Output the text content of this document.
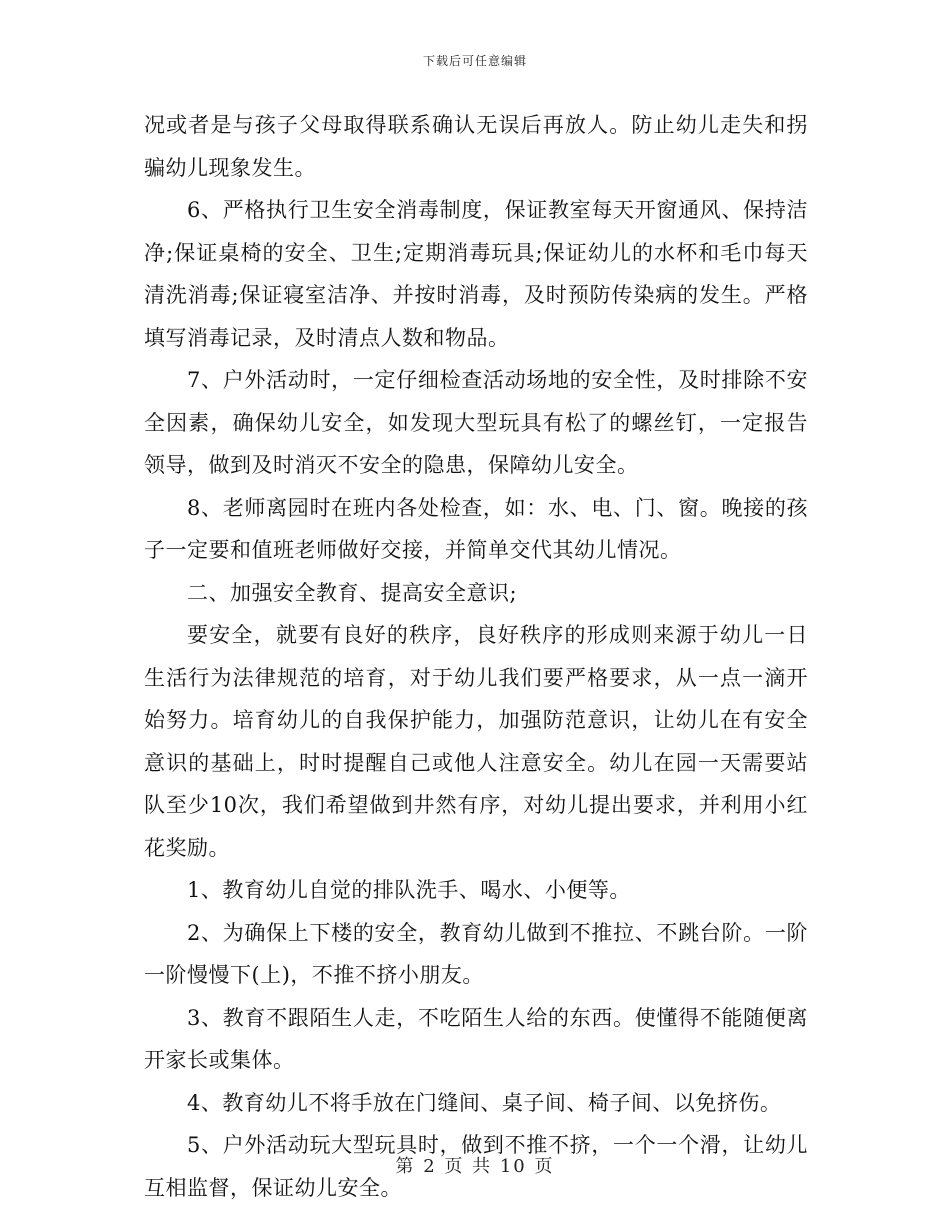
下载后可任意编辑

况或者是与孩子父母取得联系确认无误后再放人。防止幼儿走失和拐骗幼儿现象发生。

6、严格执行卫生安全消毒制度，保证教室每天开窗通风、保持洁净;保证桌椅的安全、卫生;定期消毒玩具;保证幼儿的水杯和毛巾每天清洗消毒;保证寝室洁净、并按时消毒，及时预防传染病的发生。严格填写消毒记录，及时清点人数和物品。

7、户外活动时，一定仔细检查活动场地的安全性，及时排除不安全因素，确保幼儿安全，如发现大型玩具有松了的螺丝钉，一定报告领导，做到及时消灭不安全的隐患，保障幼儿安全。

8、老师离园时在班内各处检查，如：水、电、门、窗。晚接的孩子一定要和值班老师做好交接，并简单交代其幼儿情况。

二、加强安全教育、提高安全意识;

要安全，就要有良好的秩序，良好秩序的形成则来源于幼儿一日生活行为法律规范的培育，对于幼儿我们要严格要求，从一点一滴开始努力。培育幼儿的自我保护能力，加强防范意识，让幼儿在有安全意识的基础上，时时提醒自己或他人注意安全。幼儿在园一天需要站队至少10次，我们希望做到井然有序，对幼儿提出要求，并利用小红花奖励。

1、教育幼儿自觉的排队洗手、喝水、小便等。

2、为确保上下楼的安全，教育幼儿做到不推拉、不跳台阶。一阶一阶慢慢下(上)，不推不挤小朋友。

3、教育不跟陌生人走，不吃陌生人给的东西。使懂得不能随便离开家长或集体。

4、教育幼儿不将手放在门缝间、桌子间、椅子间、以免挤伤。

5、户外活动玩大型玩具时，做到不推不挤，一个一个滑，让幼儿互相监督，保证幼儿安全。

第 2 页 共 10 页
